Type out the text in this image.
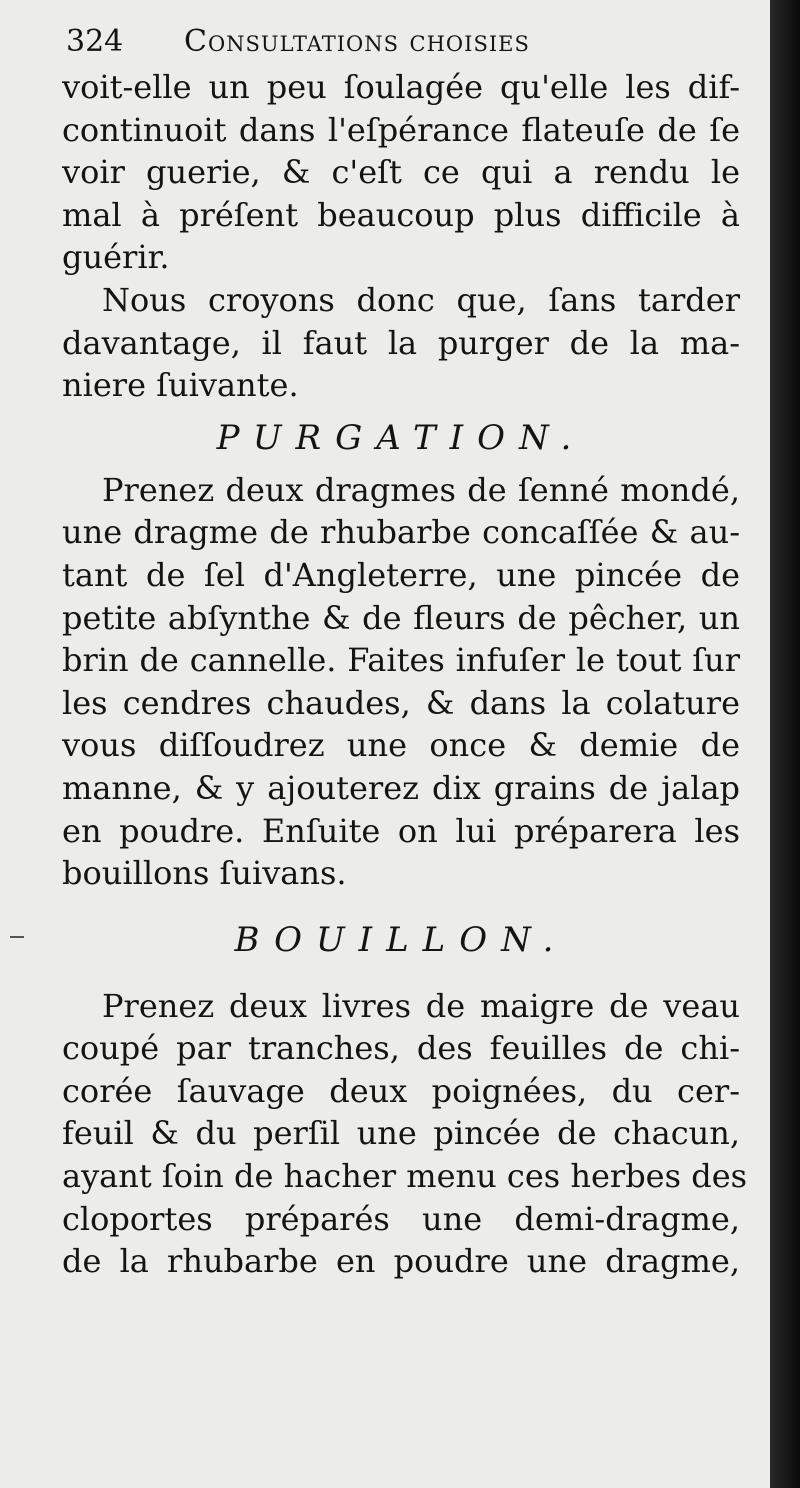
324	Consultations choisies
voit-elle un peu ſoulagée qu'elle les dif-
continuoit dans l'eſpérance flateuſe de ſe
voir guerie, & c'eſt ce qui a rendu le
mal à préſent beaucoup plus difficile à
guérir.
Nous croyons donc que, ſans tarder
davantage, il faut la purger de la ma-
niere ſuivante.
PURGATION.
Prenez deux dragmes de ſenné mondé,
une dragme de rhubarbe concaſſée & au-
tant de ſel d'Angleterre, une pincée de
petite abſynthe & de fleurs de pêcher, un
brin de cannelle. Faites infuſer le tout ſur
les cendres chaudes, & dans la colature
vous diſſoudrez une once & demie de
manne, & y ajouterez dix grains de jalap
en poudre. Enſuite on lui préparera les
bouillons ſuivans.
BOUILLON.
Prenez deux livres de maigre de veau
coupé par tranches, des feuilles de chi-
corée ſauvage deux poignées, du cer-
feuil & du perſil une pincée de chacun,
ayant ſoin de hacher menu ces herbes des
cloportes préparés une demi-dragme,
de la rhubarbe en poudre une dragme,
